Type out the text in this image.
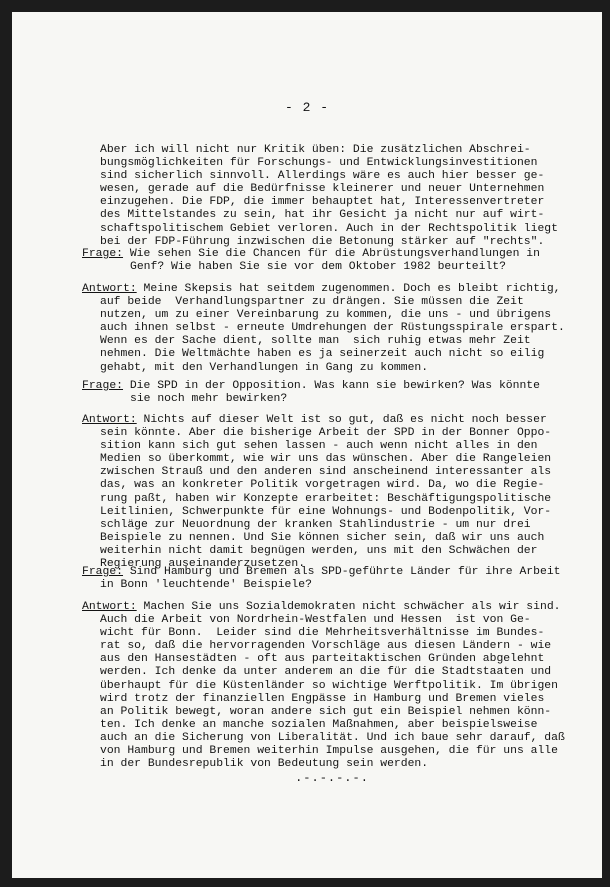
- 2 -
Aber ich will nicht nur Kritik üben: Die zusätzlichen Abschrei-
bungsmöglichkeiten für Forschungs- und Entwicklungsinvestitionen
sind sicherlich sinnvoll. Allerdings wäre es auch hier besser ge-
wesen, gerade auf die Bedürfnisse kleinerer und neuer Unternehmen
einzugehen. Die FDP, die immer behauptet hat, Interessenvertreter
des Mittelstandes zu sein, hat ihr Gesicht ja nicht nur auf wirt-
schaftspolitischem Gebiet verloren. Auch in der Rechtspolitik liegt
bei der FDP-Führung inzwischen die Betonung stärker auf "rechts".
Frage: Wie sehen Sie die Chancen für die Abrüstungsverhandlungen in
Genf? Wie haben Sie sie vor dem Oktober 1982 beurteilt?
Antwort: Meine Skepsis hat seitdem zugenommen. Doch es bleibt richtig,
auf beide  Verhandlungspartner zu drängen. Sie müssen die Zeit
nutzen, um zu einer Vereinbarung zu kommen, die uns - und übrigens
auch ihnen selbst - erneute Umdrehungen der Rüstungsspirale erspart.
Wenn es der Sache dient, sollte man  sich ruhig etwas mehr Zeit
nehmen. Die Weltmächte haben es ja seinerzeit auch nicht so eilig
gehabt, mit den Verhandlungen in Gang zu kommen.
Frage: Die SPD in der Opposition. Was kann sie bewirken? Was könnte
sie noch mehr bewirken?
Antwort: Nichts auf dieser Welt ist so gut, daß es nicht noch besser
sein könnte. Aber die bisherige Arbeit der SPD in der Bonner Oppo-
sition kann sich gut sehen lassen - auch wenn nicht alles in den
Medien so überkommt, wie wir uns das wünschen. Aber die Rangeleien
zwischen Strauß und den anderen sind anscheinend interessanter als
das, was an konkreter Politik vorgetragen wird. Da, wo die Regie-
rung paßt, haben wir Konzepte erarbeitet: Beschäftigungspolitische
Leitlinien, Schwerpunkte für eine Wohnungs- und Bodenpolitik, Vor-
schläge zur Neuordnung der kranken Stahlindustrie - um nur drei
Beispiele zu nennen. Und Sie können sicher sein, daß wir uns auch
weiterhin nicht damit begnügen werden, uns mit den Schwächen der
Regierung auseinanderzusetzen.
Frage: Sind Hamburg und Bremen als SPD-geführte Länder für ihre Arbeit
in Bonn 'leuchtende' Beispiele?
Antwort: Machen Sie uns Sozialdemokraten nicht schwächer als wir sind.
Auch die Arbeit von Nordrhein-Westfalen und Hessen  ist von Ge-
wicht für Bonn.  Leider sind die Mehrheitsverhältnisse im Bundes-
rat so, daß die hervorragenden Vorschläge aus diesen Ländern - wie
aus den Hansestädten - oft aus parteitaktischen Gründen abgelehnt
werden. Ich denke da unter anderem an die für die Stadtstaaten und
überhaupt für die Küstenländer so wichtige Werftpolitik. Im übrigen
wird trotz der finanziellen Engpässe in Hamburg und Bremen vieles
an Politik bewegt, woran andere sich gut ein Beispiel nehmen könn-
ten. Ich denke an manche sozialen Maßnahmen, aber beispielsweise
auch an die Sicherung von Liberalität. Und ich baue sehr darauf, daß
von Hamburg und Bremen weiterhin Impulse ausgehen, die für uns alle
in der Bundesrepublik von Bedeutung sein werden.
.-.-.-.-.
